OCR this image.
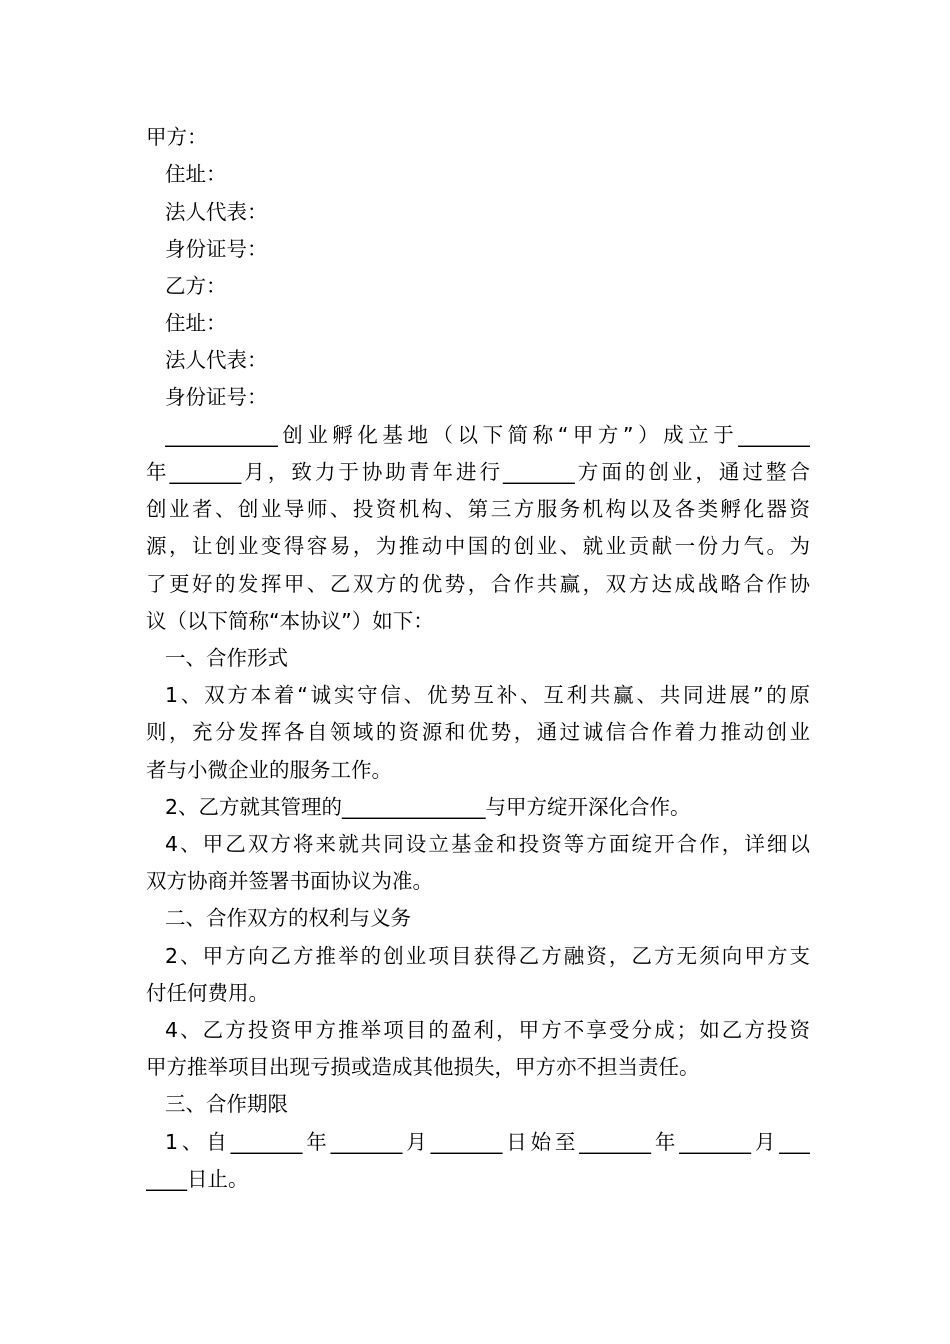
甲方：
住址：
法人代表：
身份证号：
乙方：
住址：
法人代表：
身份证号：
___________创业孵化基地（以下简称“甲方”）成立于_______
年_______月，致力于协助青年进行_______方面的创业，通过整合
创业者、创业导师、投资机构、第三方服务机构以及各类孵化器资
源，让创业变得容易，为推动中国的创业、就业贡献一份力气。为
了更好的发挥甲、乙双方的优势，合作共赢，双方达成战略合作协
议（以下简称“本协议”）如下：
一、合作形式
1、双方本着“诚实守信、优势互补、互利共赢、共同进展”的原
则，充分发挥各自领域的资源和优势，通过诚信合作着力推动创业
者与小微企业的服务工作。
2、乙方就其管理的______________与甲方绽开深化合作。
4、甲乙双方将来就共同设立基金和投资等方面绽开合作，详细以
双方协商并签署书面协议为准。
二、合作双方的权利与义务
2、甲方向乙方推举的创业项目获得乙方融资，乙方无须向甲方支
付任何费用。
4、乙方投资甲方推举项目的盈利，甲方不享受分成；如乙方投资
甲方推举项目出现亏损或造成其他损失，甲方亦不担当责任。
三、合作期限
1、自_______年_______月_______日始至_______年_______月___
____日止。
